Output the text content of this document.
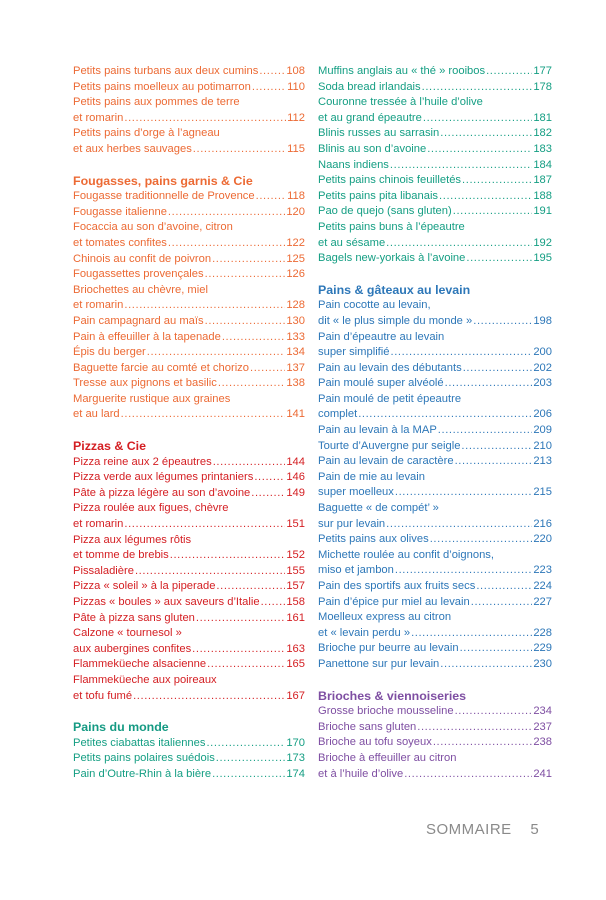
Petits pains turbans aux deux cumins .....	108
Petits pains moelleux au potimarron .....	110
Petits pains aux pommes de terre
et romarin .....	112
Petits pains d’orge à l’agneau
et aux herbes sauvages .....	115
Fougasses, pains garnis & Cie
Fougasse traditionnelle de Provence .....	118
Fougasse italienne .....	120
Focaccia au son d’avoine, citron
et tomates confites .....	122
Chinois au confit de poivron .....	125
Fougassettes provençales .....	126
Briochettes au chèvre, miel
et romarin .....	128
Pain campagnard au maïs .....	130
Pain à effeuiller à la tapenade .....	133
Épis du berger .....	134
Baguette farcie au comté et chorizo .....	137
Tresse aux pignons et basilic .....	138
Marguerite rustique aux graines
et au lard .....	141
Pizzas & Cie
Pizza reine aux 2 épeautres .....	144
Pizza verde aux légumes printaniers .....	146
Pâte à pizza légère au son d’avoine .....	149
Pizza roulée aux figues, chèvre
et romarin .....	151
Pizza aux légumes rôtis
et tomme de brebis .....	152
Pissaladière .....	155
Pizza « soleil » à la piperade .....	157
Pizzas « boules » aux saveurs d’Italie ..... 158
Pâte à pizza sans gluten .....	161
Calzone « tournesol »
aux aubergines confites .....	163
Flammeküeche alsacienne .....	165
Flammeküeche aux poireaux
et tofu fumé .....	167
Pains du monde
Petites ciabattas italiennes .....	170
Petits pains polaires suédois .....	173
Pain d’Outre-Rhin à la bière .....	174
Muffins anglais au « thé » rooibos .....	177
Soda bread irlandais .....	178
Couronne tressée à l’huile d’olive
et au grand épeautre .....	181
Blinis russes au sarrasin .....	182
Blinis au son d’avoine .....	183
Naans indiens .....	184
Petits pains chinois feuilletés .....	187
Petits pains pita libanais .....	188
Pao de quejo (sans gluten) .....	191
Petits pains buns à l’épeautre
et au sésame .....	192
Bagels new-yorkais à l’avoine .....	195
Pains & gâteaux au levain
Pain cocotte au levain,
dit « le plus simple du monde » .....	198
Pain d’épeautre au levain
super simplifié .....	200
Pain au levain des débutants .....	202
Pain moulé super alvéolé .....	203
Pain moulé de petit épeautre
complet .....	206
Pain au levain à la MAP .....	209
Tourte d’Auvergne pur seigle .....	210
Pain au levain de caractère .....	213
Pain de mie au levain
super moelleux .....	215
Baguette « de compét’ »
sur pur levain .....	216
Petits pains aux olives .....	220
Michette roulée au confit d’oignons,
miso et jambon .....	223
Pain des sportifs aux fruits secs .....	224
Pain d’épice pur miel au levain .....	227
Moelleux express au citron
et « levain perdu » .....	228
Brioche pur beurre au levain .....	229
Panettone sur pur levain .....	230
Brioches & viennoiseries
Grosse brioche mousseline .....	234
Brioche sans gluten .....	237
Brioche au tofu soyeux .....	238
Brioche à effeuiller au citron
et à l’huile d’olive .....	241
SOMMAIRE 5
